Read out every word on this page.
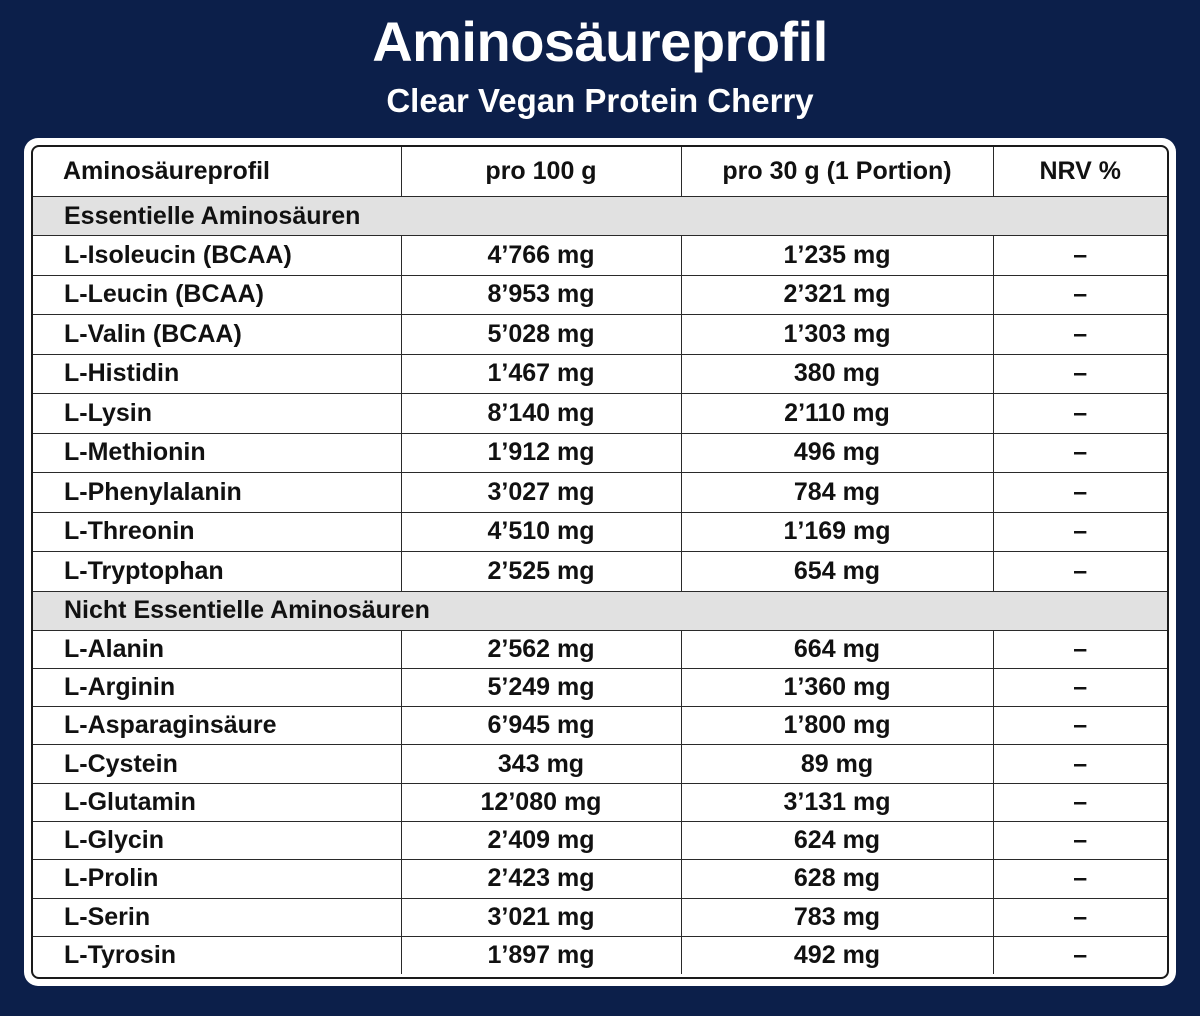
Aminosäureprofil
Clear Vegan Protein Cherry
Aminosäureprofil	pro 100 g	pro 30 g (1 Portion)	NRV %
Essentielle Aminosäuren			
L-Isoleucin (BCAA)	4’766 mg	1’235 mg	–
L-Leucin (BCAA)	8’953 mg	2’321 mg	–
L-Valin (BCAA)	5’028 mg	1’303 mg	–
L-Histidin	1’467 mg	380 mg	–
L-Lysin	8’140 mg	2’110 mg	–
L-Methionin	1’912 mg	496 mg	–
L-Phenylalanin	3’027 mg	784 mg	–
L-Threonin	4’510 mg	1’169 mg	–
L-Tryptophan	2’525 mg	654 mg	–
Nicht Essentielle Aminosäuren			
L-Alanin	2’562 mg	664 mg	–
L-Arginin	5’249 mg	1’360 mg	–
L-Asparaginsäure	6’945 mg	1’800 mg	–
L-Cystein	343 mg	89 mg	–
L-Glutamin	12’080 mg	3’131 mg	–
L-Glycin	2’409 mg	624 mg	–
L-Prolin	2’423 mg	628 mg	–
L-Serin	3’021 mg	783 mg	–
L-Tyrosin	1’897 mg	492 mg	–
